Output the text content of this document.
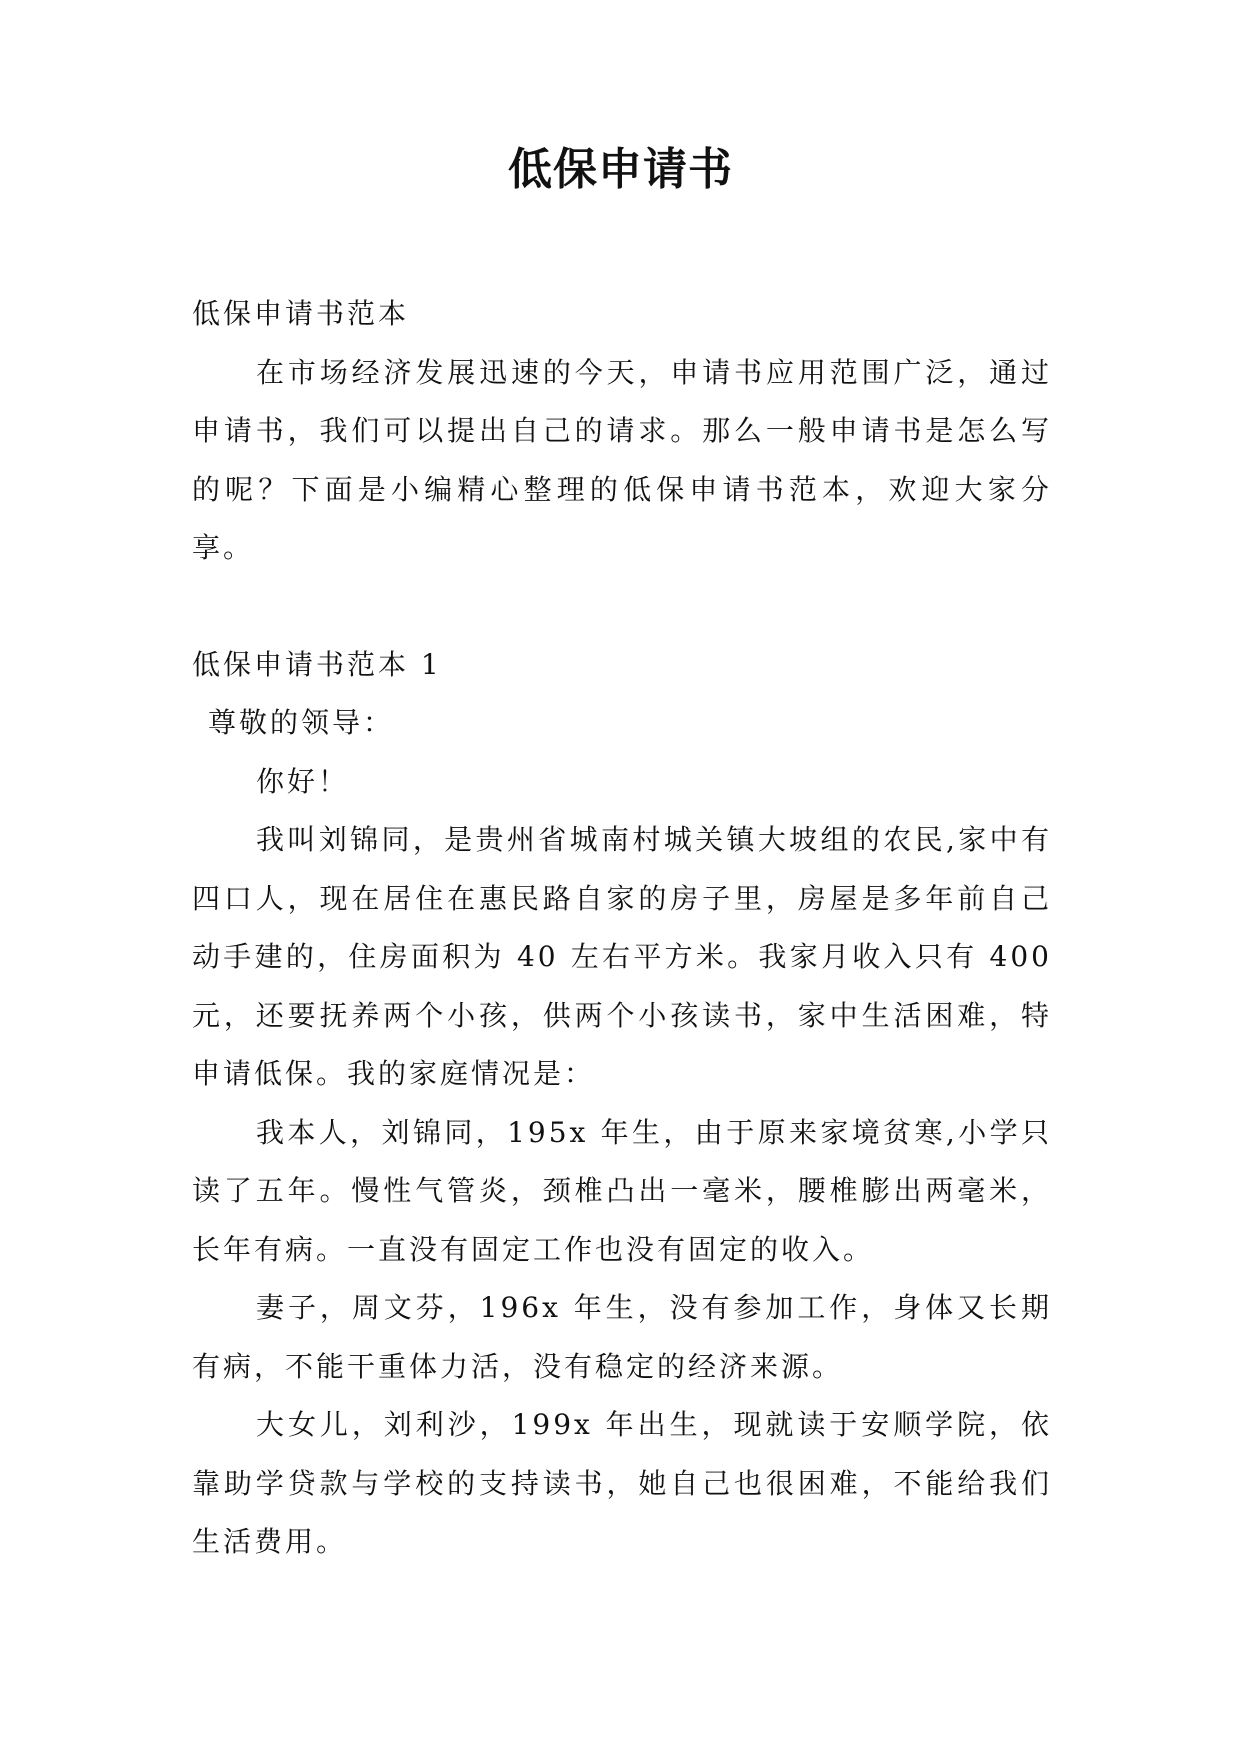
低保申请书

低保申请书范本

在市场经济发展迅速的今天，申请书应用范围广泛，通过申请书，我们可以提出自己的请求。那么一般申请书是怎么写的呢？下面是小编精心整理的低保申请书范本，欢迎大家分享。

低保申请书范本 1

尊敬的领导：

你好！

我叫刘锦同，是贵州省城南村城关镇大坡组的农民,家中有四口人，现在居住在惠民路自家的房子里，房屋是多年前自己动手建的，住房面积为 40 左右平方米。我家月收入只有 400 元，还要抚养两个小孩，供两个小孩读书，家中生活困难，特申请低保。我的家庭情况是：

我本人，刘锦同，195x 年生，由于原来家境贫寒,小学只读了五年。慢性气管炎，颈椎凸出一毫米，腰椎膨出两毫米，长年有病。一直没有固定工作也没有固定的收入。

妻子，周文芬，196x 年生，没有参加工作，身体又长期有病，不能干重体力活，没有稳定的经济来源。

大女儿，刘利沙，199x 年出生，现就读于安顺学院，依靠助学贷款与学校的支持读书，她自己也很困难，不能给我们生活费用。
